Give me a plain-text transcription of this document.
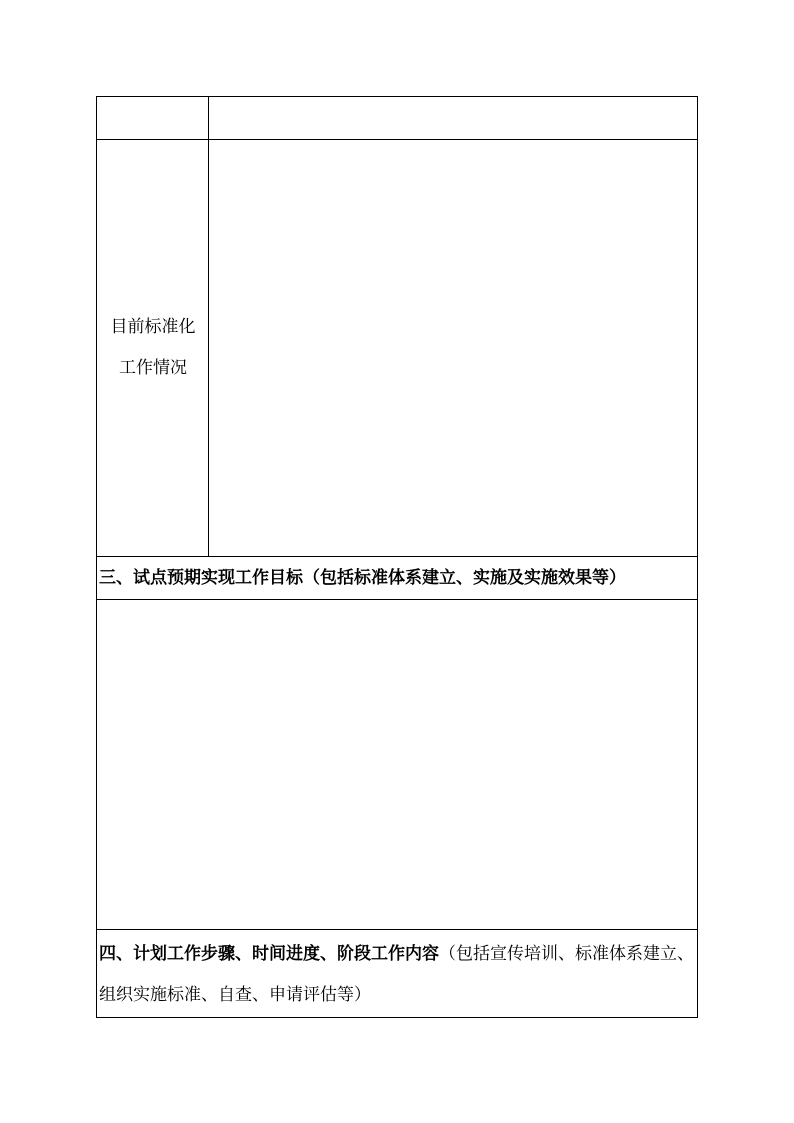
目前标准化
工作情况
三、试点预期实现工作目标（包括标准体系建立、实施及实施效果等）
四、计划工作步骤、时间进度、阶段工作内容（包括宣传培训、标准体系建立、组织实施标准、自查、申请评估等）
